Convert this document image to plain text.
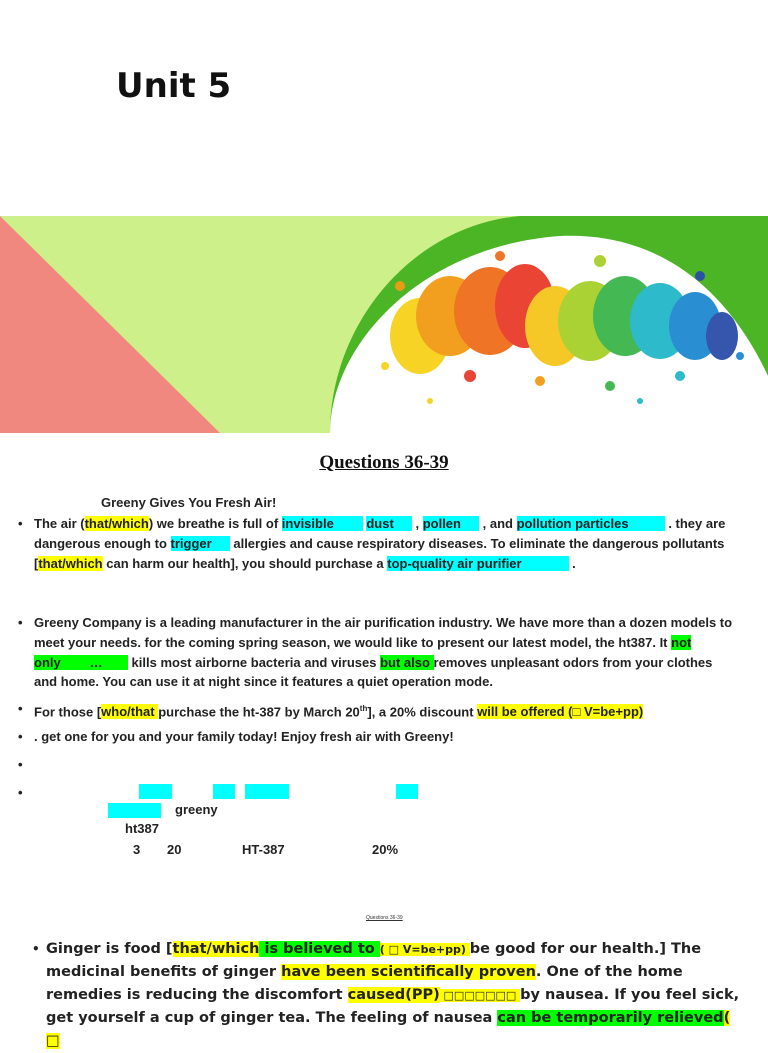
Unit 5
Questions 36-39
Greeny Gives You Fresh Air!
• The air (that/which) we breathe is full of invisible	dust      , pollen      , and pollution particles	. they are dangerous enough to trigger      allergies and cause respiratory diseases. To eliminate the dangerous pollutants [that/which can harm our health], you should purchase a top-quality air purifier	.
• Greeny Company is a leading manufacturer in the air purification industry. We have more than a dozen models to meet your needs. for the coming spring season, we would like to present our latest model, the ht387. It not only …        kills most airborne bacteria and viruses but also removes unpleasant odors from your clothes and home. You can use it at night since it features a quiet operation mode.
• For those [who/that purchase the ht-387 by March 20th], a 20% discount will be offered (□ V=be+pp)
• . get one for you and your family today! Enjoy fresh air with Greeny!
•
•
greeny
ht387
3 20	HT-387	20%
Questions 36-39
• Ginger is food [that/which is believed to ( □ V=be+pp) be good for our health.] The medicinal benefits of ginger have been scientifically proven. One of the home remedies is reducing the discomfort caused(PP) □□□□□□□ by nausea. If you feel sick, get yourself a cup of ginger tea. The feeling of nausea can be temporarily relieved( □
